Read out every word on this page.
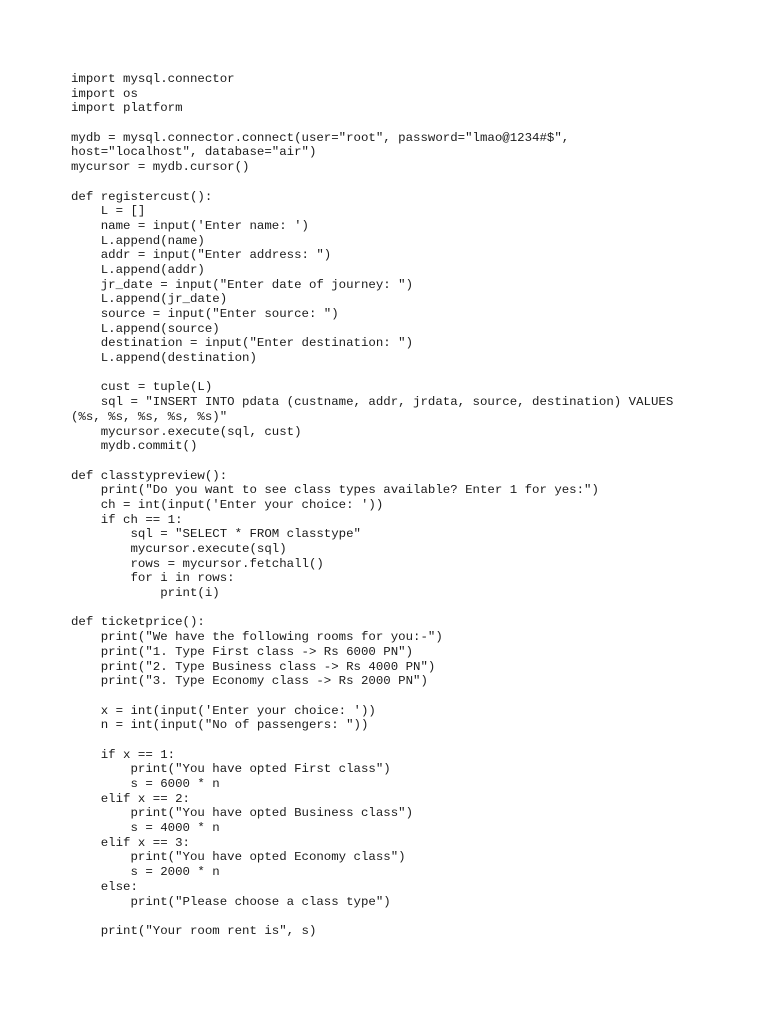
import mysql.connector
import os
import platform
mydb = mysql.connector.connect(user="root", password="lmao@1234#$",
host="localhost", database="air")
mycursor = mydb.cursor()
def registercust():
L = []
name = input('Enter name: ')
L.append(name)
addr = input("Enter address: ")
L.append(addr)
jr_date = input("Enter date of journey: ")
L.append(jr_date)
source = input("Enter source: ")
L.append(source)
destination = input("Enter destination: ")
L.append(destination)
cust = tuple(L)
sql = "INSERT INTO pdata (custname, addr, jrdata, source, destination) VALUES
(%s, %s, %s, %s, %s)"
mycursor.execute(sql, cust)
mydb.commit()
def classtypreview():
print("Do you want to see class types available? Enter 1 for yes:")
ch = int(input('Enter your choice: '))
if ch == 1:
sql = "SELECT * FROM classtype"
mycursor.execute(sql)
rows = mycursor.fetchall()
for i in rows:
print(i)
def ticketprice():
print("We have the following rooms for you:-")
print("1. Type First class -> Rs 6000 PN")
print("2. Type Business class -> Rs 4000 PN")
print("3. Type Economy class -> Rs 2000 PN")
x = int(input('Enter your choice: '))
n = int(input("No of passengers: "))
if x == 1:
print("You have opted First class")
s = 6000 * n
elif x == 2:
print("You have opted Business class")
s = 4000 * n
elif x == 3:
print("You have opted Economy class")
s = 2000 * n
else:
print("Please choose a class type")
print("Your room rent is", s)
